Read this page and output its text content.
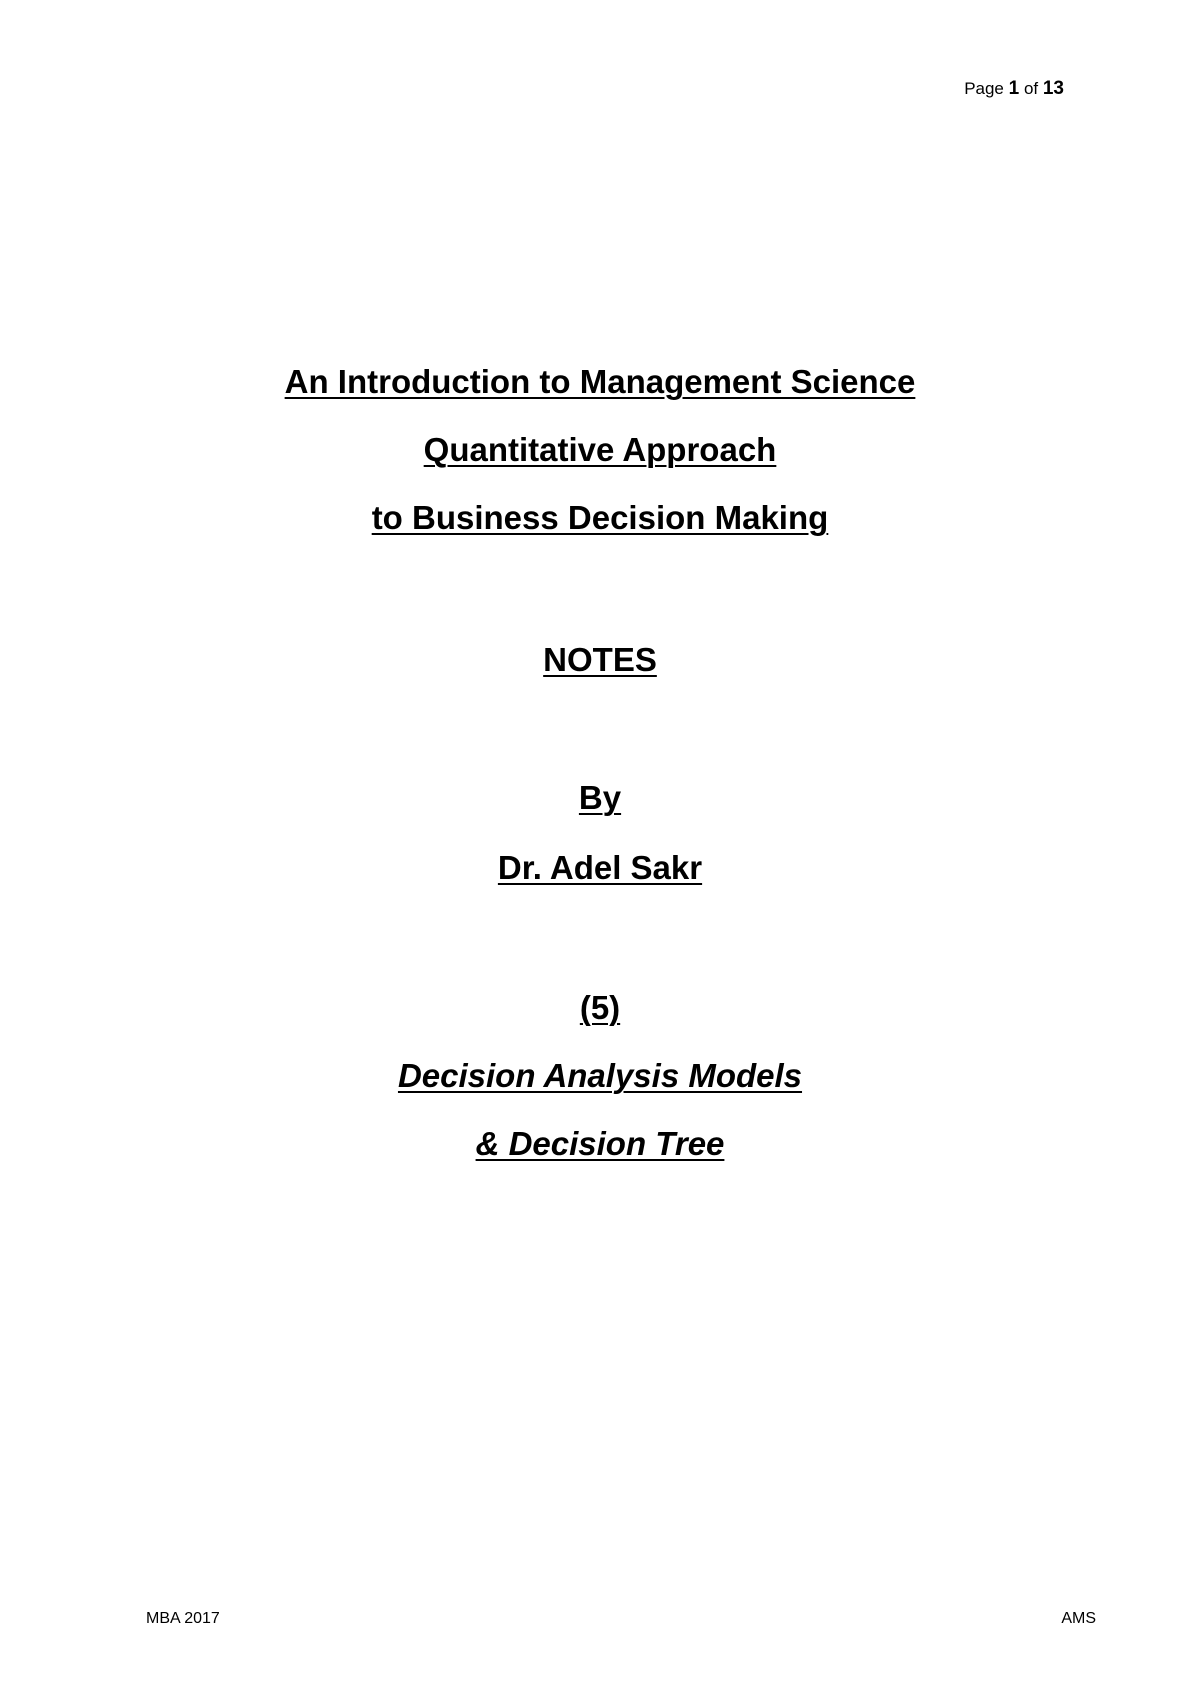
Page 1 of 13
An Introduction to Management Science
Quantitative Approach
to Business Decision Making
NOTES
By
Dr. Adel Sakr
(5)
Decision Analysis Models
& Decision Tree
MBA 2017	AMS
